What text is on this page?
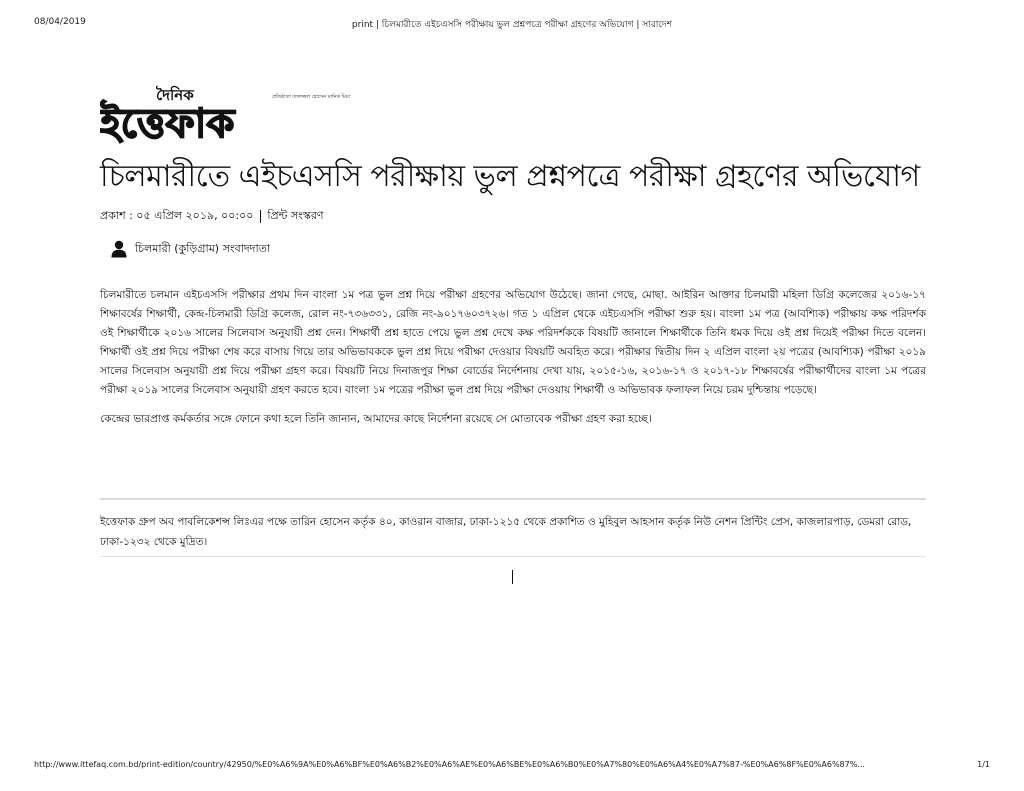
08/04/2019	print | চিলমারীতে এইচএসসি পরীক্ষায় ভুল প্রশ্নপত্রে পরীক্ষা গ্রহণের অভিযোগ | সারাদেশ
দৈনিক	প্রতিষ্ঠাতা তফাজ্জল হোসেন মানিক মিয়া
ইত্তেফাক
চিলমারীতে এইচএসসি পরীক্ষায় ভুল প্রশ্নপত্রে পরীক্ষা গ্রহণের অভিযোগ
প্রকাশ : ০৫ এপ্রিল ২০১৯, ০০:০০ প্রিন্ট সংস্করণ
চিলমারী (কুড়িগ্রাম) সংবাদদাতা

চিলমারীতে চলমান এইচএসসি পরীক্ষার প্রথম দিন বাংলা ১ম পত্র ভুল প্রশ্ন দিয়ে পরীক্ষা গ্রহণের অভিযোগ উঠেছে। জানা গেছে, মোছা. আইরিন আক্তার চিলমারী মহিলা ডিগ্রি কলেজের ২০১৬-১৭ শিক্ষাবর্ষের শিক্ষার্থী, কেন্দ্র-চিলমারী ডিগ্রি কলেজ, রোল নং-৭৩৬৩৩১, রেজি নং-৯০১৭৬০৩৭২৬। গত ১ এপ্রিল থেকে এইচএসসি পরীক্ষা শুরু হয়। বাংলা ১ম পত্র (আবশ্যিক) পরীক্ষায় কক্ষ পরিদর্শক ওই শিক্ষার্থীকে ২০১৬ সালের সিলেবাস অনুযায়ী প্রশ্ন দেন। শিক্ষার্থী প্রশ্ন হাতে পেয়ে ভুল প্রশ্ন দেখে কক্ষ পরিদর্শককে বিষয়টি জানালে শিক্ষার্থীকে তিনি ধমক দিয়ে ওই প্রশ্ন দিয়েই পরীক্ষা দিতে বলেন। শিক্ষার্থী ওই প্রশ্ন দিয়ে পরীক্ষা শেষ করে বাসায় গিয়ে তার অভিভাবককে ভুল প্রশ্ন দিয়ে পরীক্ষা দেওয়ার বিষয়টি অবহিত করে। পরীক্ষার দ্বিতীয় দিন ২ এপ্রিল বাংলা ২য় পত্রের (আবশ্যিক) পরীক্ষা ২০১৯ সালের সিলেবাস অনুযায়ী প্রশ্ন দিয়ে পরীক্ষা গ্রহণ করে। বিষয়টি নিয়ে দিনাজপুর শিক্ষা বোর্ডের নির্দেশনায় দেখা যায়, ২০১৫-১৬, ২০১৬-১৭ ও ২০১৭-১৮ শিক্ষাবর্ষের পরীক্ষার্থীদের বাংলা ১ম পত্রের পরীক্ষা ২০১৯ সালের সিলেবাস অনুযায়ী গ্রহণ করতে হবে। বাংলা ১ম পত্রের পরীক্ষা ভুল প্রশ্ন দিয়ে পরীক্ষা দেওয়ায় শিক্ষার্থী ও অভিভাবক ফলাফল নিয়ে চরম দুশ্চিন্তায় পড়েছে।

কেন্দ্রের ভারপ্রাপ্ত কর্মকর্তার সঙ্গে ফোনে কথা হলে তিনি জানান, আমাদের কাছে নির্দেশনা রয়েছে সে মোতাবেক পরীক্ষা গ্রহণ করা হচ্ছে।

ইত্তেফাক গ্রুপ অব পাবলিকেশন্স লিঃএর পক্ষে তারিন হোসেন কর্তৃক ৪০, কাওরান বাজার, ঢাকা-১২১৫ থেকে প্রকাশিত ও মুহিবুল আহসান কর্তৃক নিউ নেশন প্রিন্টিং প্রেস, কাজলারপাড়, ডেমরা রোড, ঢাকা-১২৩২ থেকে মুদ্রিত।
http://www.ittefaq.com.bd/print-edition/country/42950/%E0%A6%9A%E0%A6%BF%E0%A6%B2%E0%A6%AE%E0%A6%BE%E0%A6%B0%E0%A7%80%E0%A6%A4%E0%A7%87-%E0%A6%8F%E0%A6%87%...	1/1
